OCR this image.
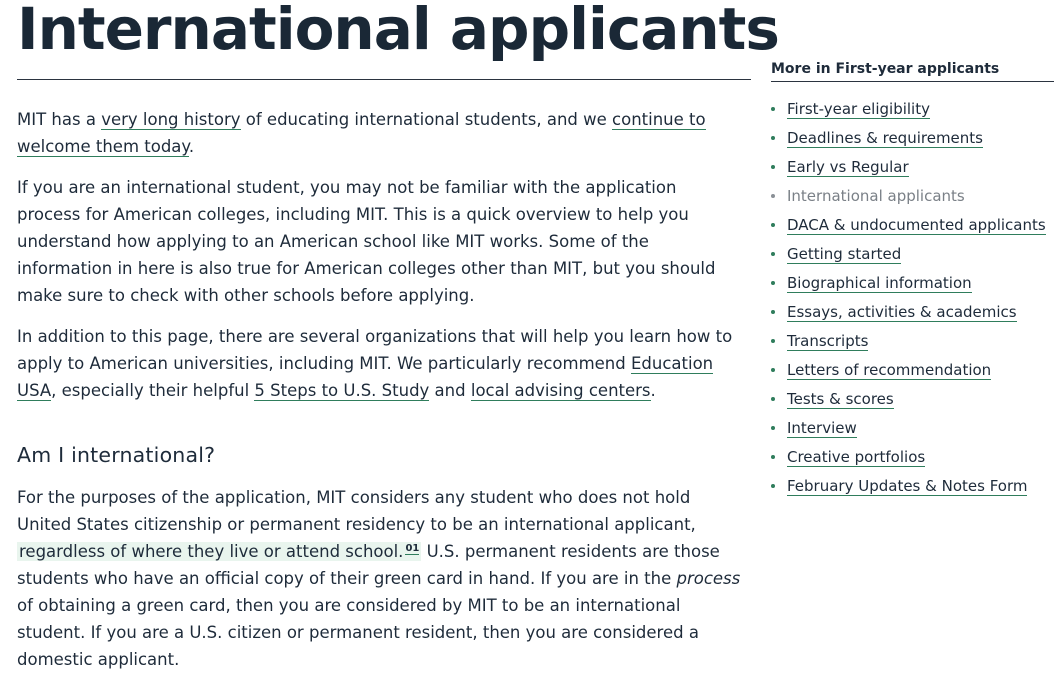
International applicants

MIT has a very long history of educating international students, and we continue to welcome them today.

If you are an international student, you may not be familiar with the application process for American colleges, including MIT. This is a quick overview to help you understand how applying to an American school like MIT works. Some of the information in here is also true for American colleges other than MIT, but you should make sure to check with other schools before applying.

In addition to this page, there are several organizations that will help you learn how to apply to American universities, including MIT. We particularly recommend Education USA, especially their helpful 5 Steps to U.S. Study and local advising centers.

Am I international?

For the purposes of the application, MIT considers any student who does not hold United States citizenship or permanent residency to be an international applicant, regardless of where they live or attend school. $^{01}$ U.S. permanent residents are those students who have an official copy of their green card in hand. If you are in the process of obtaining a green card, then you are considered by MIT to be an international student. If you are a U.S. citizen or permanent resident, then you are considered a domestic applicant.

More in First-year applicants
First-year eligibility
Deadlines & requirements
Early vs Regular
International applicants
DACA & undocumented applicants
Getting started
Biographical information
Essays, activities & academics
Transcripts
Letters of recommendation
Tests & scores
Interview
Creative portfolios
February Updates & Notes Form
